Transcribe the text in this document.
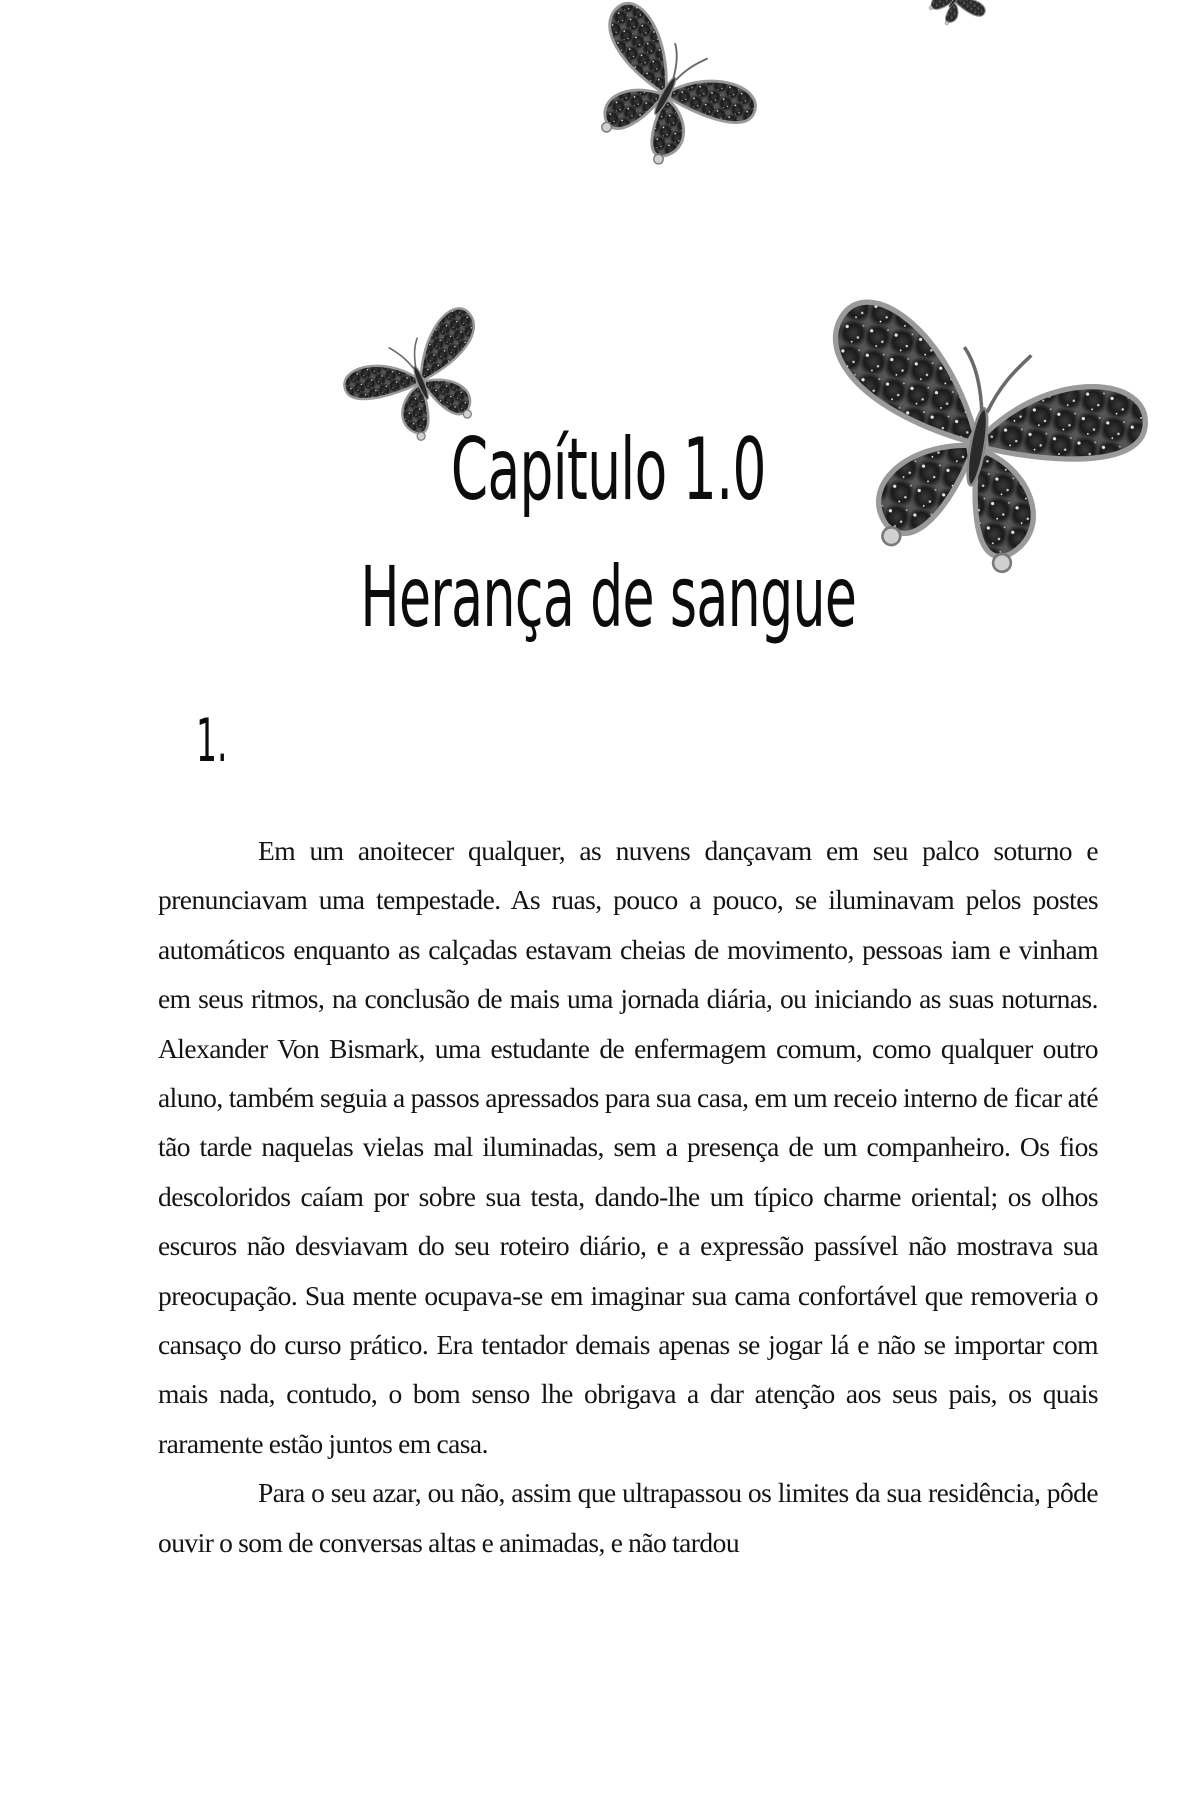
Capítulo 1.0
Herança de sangue
1.

Em um anoitecer qualquer, as nuvens dançavam em seu palco soturno e prenunciavam uma tempestade. As ruas, pouco a pouco, se iluminavam pelos postes automáticos enquanto as calçadas estavam cheias de movimento, pessoas iam e vinham em seus ritmos, na conclusão de mais uma jornada diária, ou iniciando as suas noturnas. Alexander Von Bismark, uma estudante de enfermagem comum, como qualquer outro aluno, também seguia a passos apressados para sua casa, em um receio interno de ficar até tão tarde naquelas vielas mal iluminadas, sem a presença de um companheiro. Os fios descoloridos caíam por sobre sua testa, dando-lhe um típico charme oriental; os olhos escuros não desviavam do seu roteiro diário, e a expressão passível não mostrava sua preocupação. Sua mente ocupava-se em imaginar sua cama confortável que removeria o cansaço do curso prático. Era tentador demais apenas se jogar lá e não se importar com mais nada, contudo, o bom senso lhe obrigava a dar atenção aos seus pais, os quais raramente estão juntos em casa.

Para o seu azar, ou não, assim que ultrapassou os limites da sua residência, pôde ouvir o som de conversas altas e animadas, e não tardou
